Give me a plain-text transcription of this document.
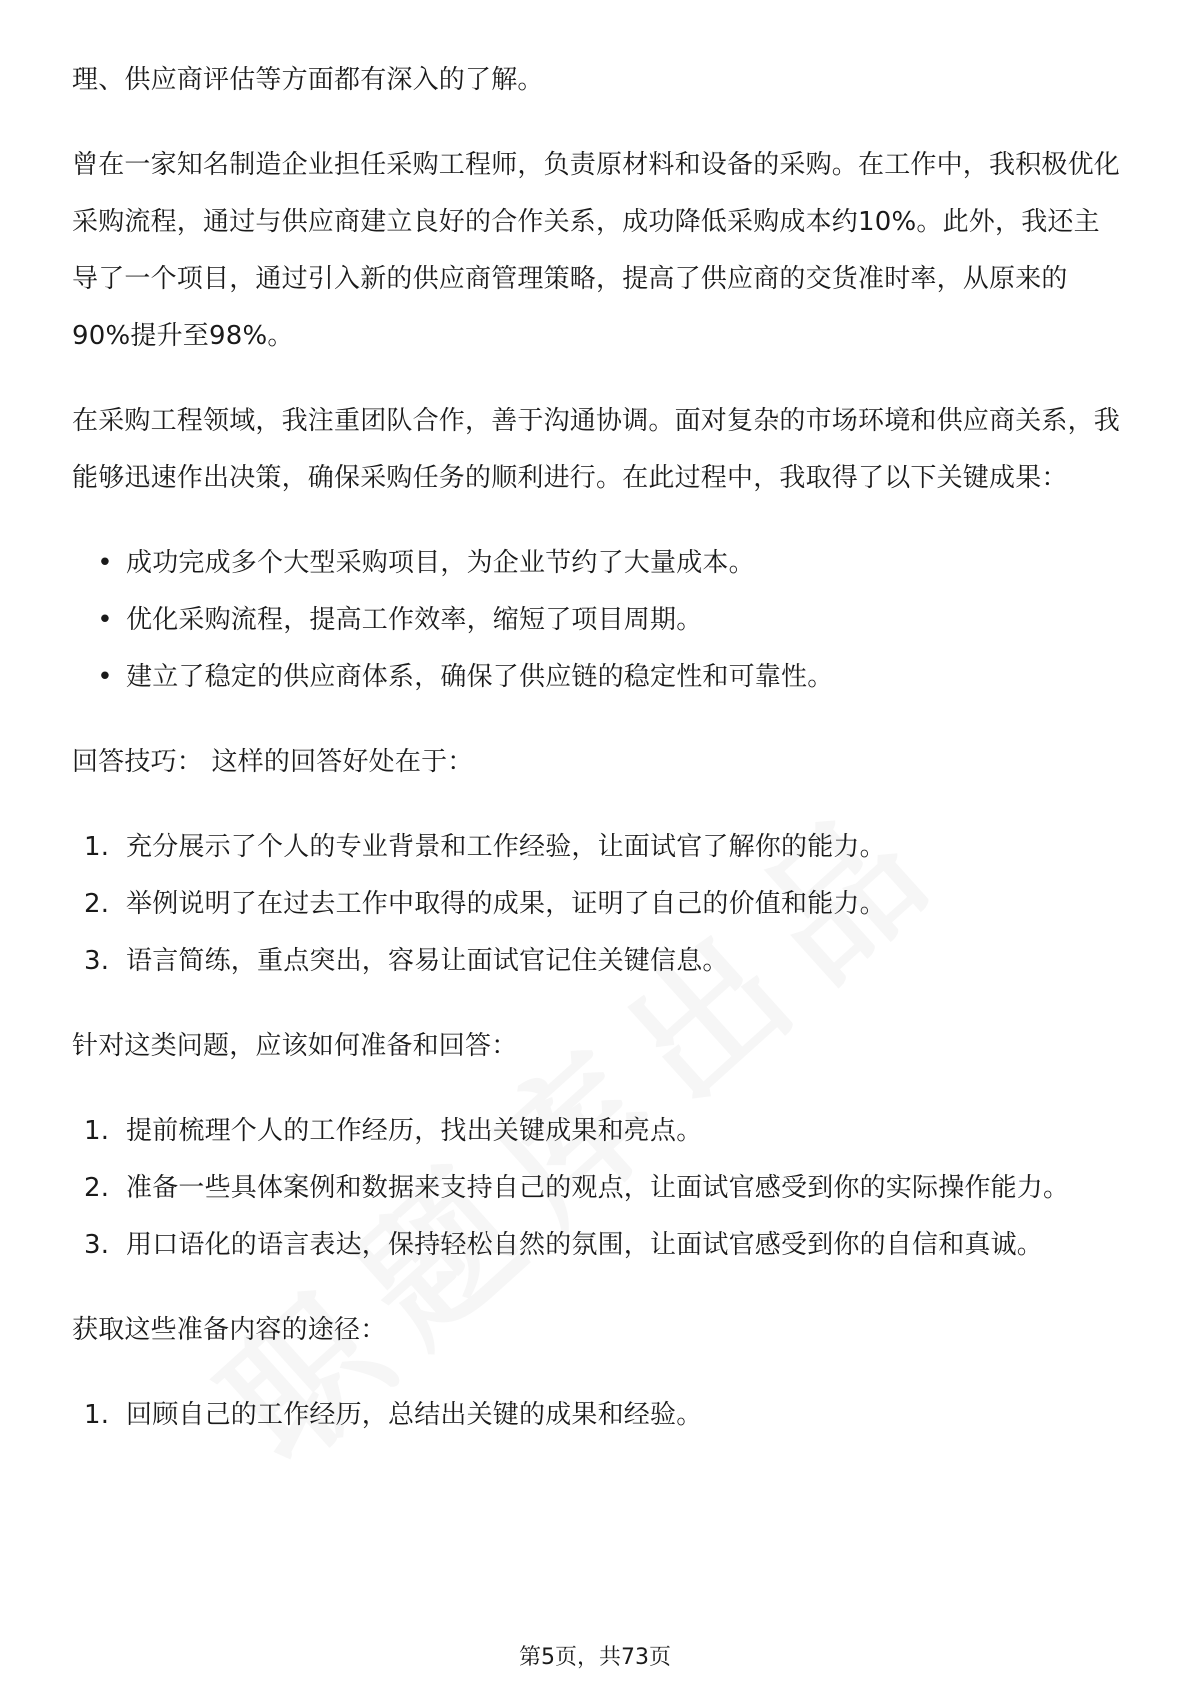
理、供应商评估等方面都有深入的了解。

曾在一家知名制造企业担任采购工程师，负责原材料和设备的采购。在工作中，我积极优化采购流程，通过与供应商建立良好的合作关系，成功降低采购成本约10%。此外，我还主导了一个项目，通过引入新的供应商管理策略，提高了供应商的交货准时率，从原来的90%提升至98%。

在采购工程领域，我注重团队合作，善于沟通协调。面对复杂的市场环境和供应商关系，我能够迅速作出决策，确保采购任务的顺利进行。在此过程中，我取得了以下关键成果：

• 成功完成多个大型采购项目，为企业节约了大量成本。
• 优化采购流程，提高工作效率，缩短了项目周期。
• 建立了稳定的供应商体系，确保了供应链的稳定性和可靠性。

回答技巧： 这样的回答好处在于：

1. 充分展示了个人的专业背景和工作经验，让面试官了解你的能力。
2. 举例说明了在过去工作中取得的成果，证明了自己的价值和能力。
3. 语言简练，重点突出，容易让面试官记住关键信息。

针对这类问题，应该如何准备和回答：

1. 提前梳理个人的工作经历，找出关键成果和亮点。
2. 准备一些具体案例和数据来支持自己的观点，让面试官感受到你的实际操作能力。
3. 用口语化的语言表达，保持轻松自然的氛围，让面试官感受到你的自信和真诚。

获取这些准备内容的途径：

1. 回顾自己的工作经历，总结出关键的成果和经验。
第5页，共73页
